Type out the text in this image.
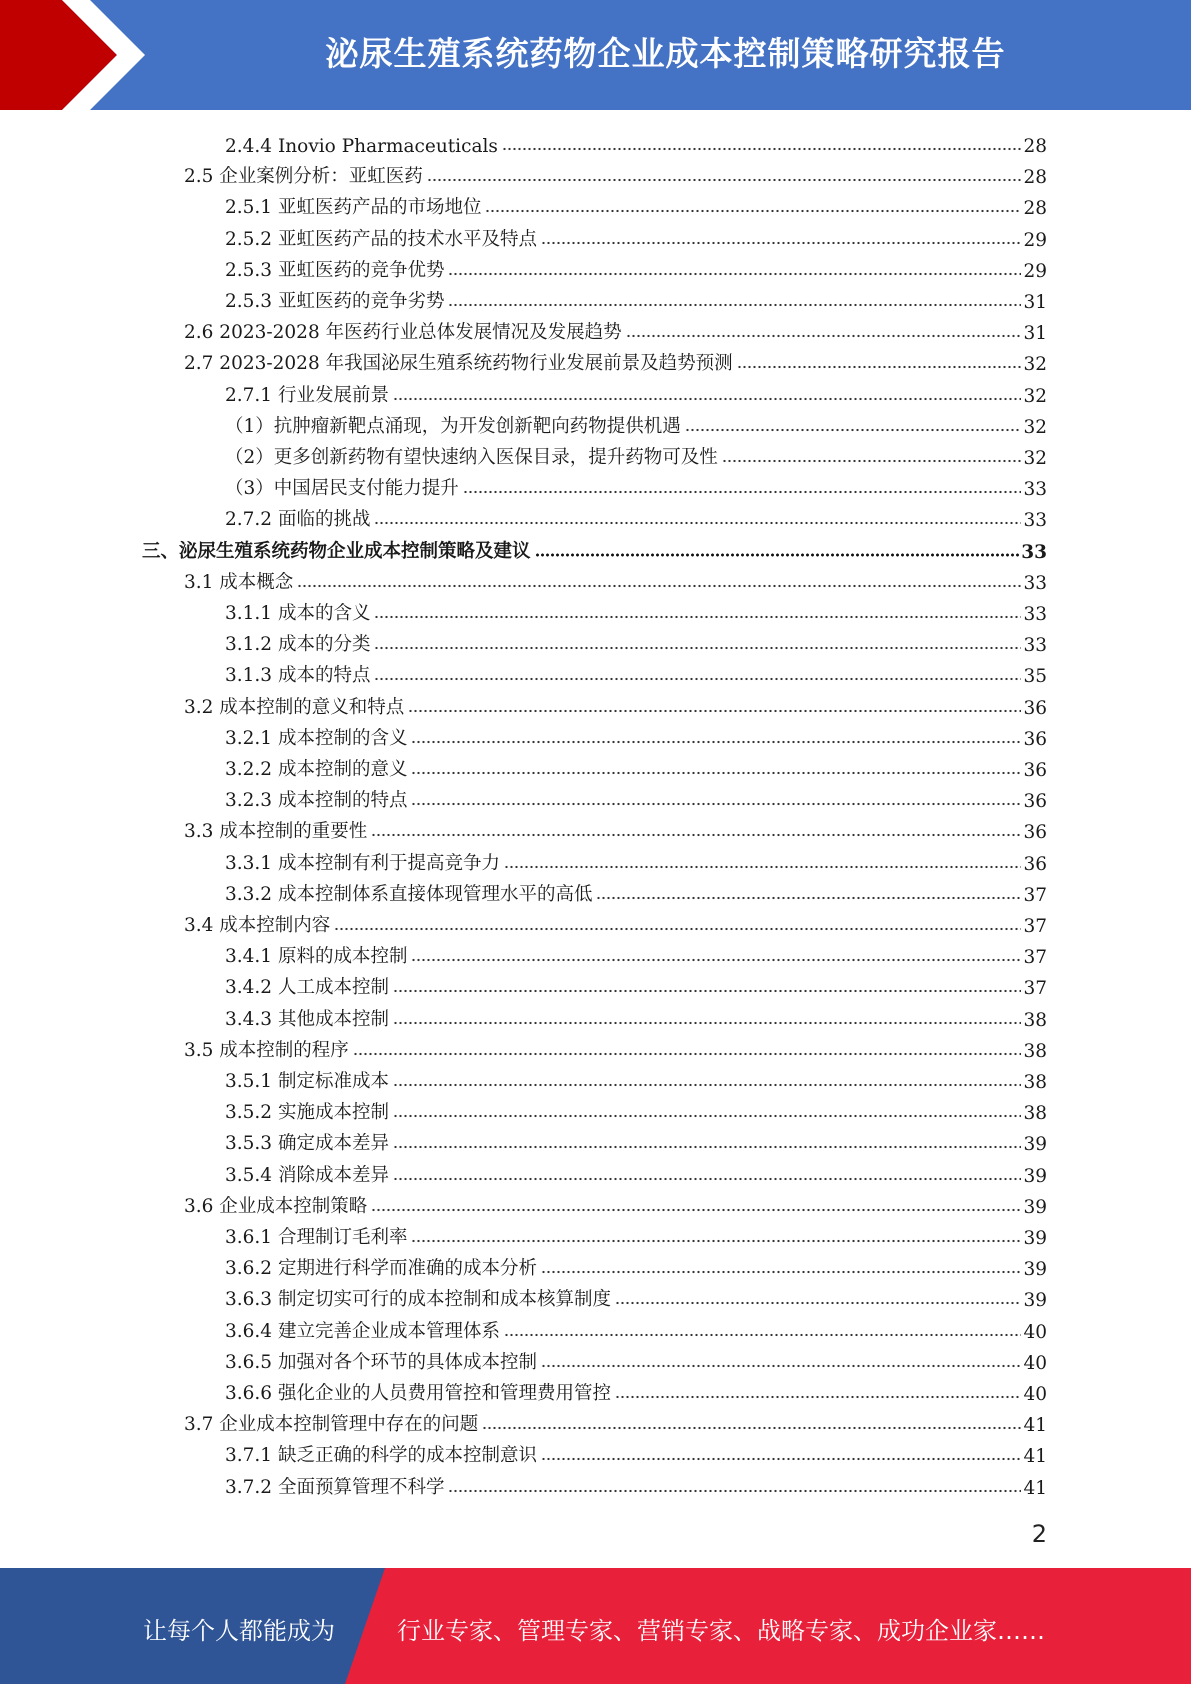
泌尿生殖系统药物企业成本控制策略研究报告
2.4.4 Inovio Pharmaceuticals	28
2.5 企业案例分析：亚虹医药	28
2.5.1 亚虹医药产品的市场地位	28
2.5.2 亚虹医药产品的技术水平及特点	29
2.5.3 亚虹医药的竞争优势	29
2.5.3 亚虹医药的竞争劣势	31
2.6 2023-2028 年医药行业总体发展情况及发展趋势	31
2.7 2023-2028 年我国泌尿生殖系统药物行业发展前景及趋势预测	32
2.7.1 行业发展前景	32
（1）抗肿瘤新靶点涌现，为开发创新靶向药物提供机遇	32
（2）更多创新药物有望快速纳入医保目录，提升药物可及性	32
（3）中国居民支付能力提升	33
2.7.2 面临的挑战	33
三、泌尿生殖系统药物企业成本控制策略及建议	33
3.1 成本概念	33
3.1.1 成本的含义	33
3.1.2 成本的分类	33
3.1.3 成本的特点	35
3.2 成本控制的意义和特点	36
3.2.1 成本控制的含义	36
3.2.2 成本控制的意义	36
3.2.3 成本控制的特点	36
3.3 成本控制的重要性	36
3.3.1 成本控制有利于提高竞争力	36
3.3.2 成本控制体系直接体现管理水平的高低	37
3.4 成本控制内容	37
3.4.1 原料的成本控制	37
3.4.2 人工成本控制	37
3.4.3 其他成本控制	38
3.5 成本控制的程序	38
3.5.1 制定标准成本	38
3.5.2 实施成本控制	38
3.5.3 确定成本差异	39
3.5.4 消除成本差异	39
3.6 企业成本控制策略	39
3.6.1 合理制订毛利率	39
3.6.2 定期进行科学而准确的成本分析	39
3.6.3 制定切实可行的成本控制和成本核算制度	39
3.6.4 建立完善企业成本管理体系	40
3.6.5 加强对各个环节的具体成本控制	40
3.6.6 强化企业的人员费用管控和管理费用管控	40
3.7 企业成本控制管理中存在的问题	41
3.7.1 缺乏正确的科学的成本控制意识	41
3.7.2 全面预算管理不科学	41
2
让每个人都能成为	行业专家、管理专家、营销专家、战略专家、成功企业家……
